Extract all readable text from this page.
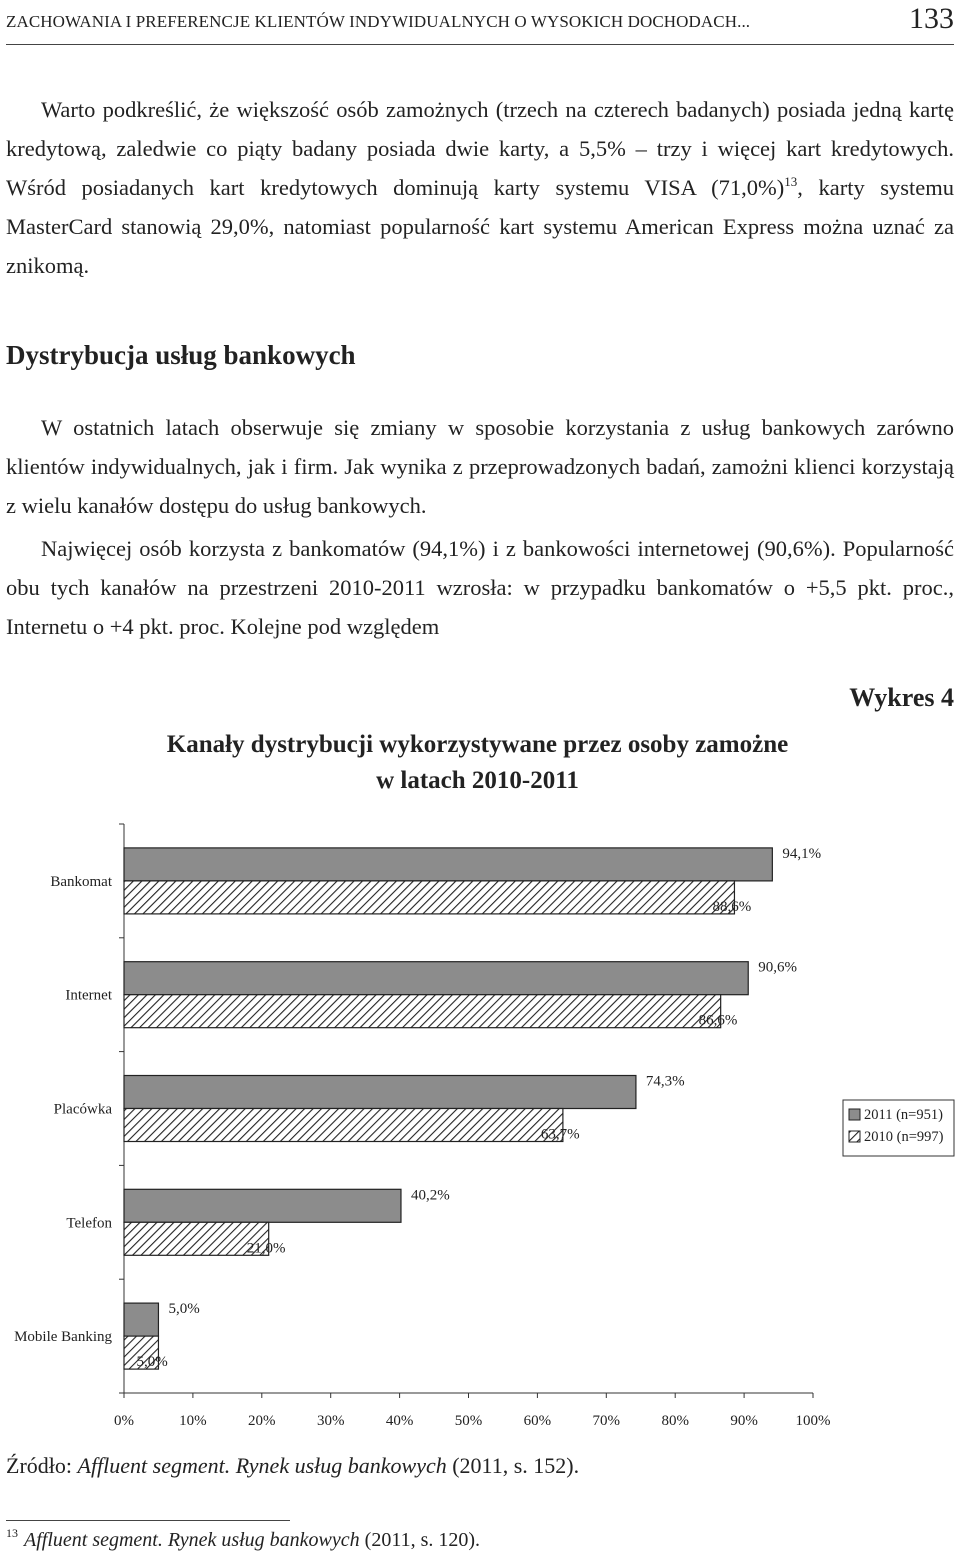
ZACHOWANIA I PREFERENCJE KLIENTÓW INDYWIDUALNYCH O WYSOKICH DOCHODACH...	133

Warto podkreślić, że większość osób zamożnych (trzech na czterech badanych) posiada jedną kartę kredytową, zaledwie co piąty badany posiada dwie karty, a 5,5% – trzy i więcej kart kredytowych. Wśród posiadanych kart kredytowych dominują karty systemu VISA $(71,0\%)^{13}$, karty systemu MasterCard stanowią 29,0%, natomiast popularność kart systemu American Express można uznać za znikomą.

Dystrybucja usług bankowych

W ostatnich latach obserwuje się zmiany w sposobie korzystania z usług bankowych zarówno klientów indywidualnych, jak i firm. Jak wynika z przeprowadzonych badań, zamożni klienci korzystają z wielu kanałów dostępu do usług bankowych.

Najwięcej osób korzysta z bankomatów (94,1%) i z bankowości internetowej (90,6%). Popularność obu tych kanałów na przestrzeni 2010-2011 wzrosła: w przypadku bankomatów o +5,5 pkt. proc., Internetu o +4 pkt. proc. Kolejne pod względem

Wykres 4
Kanały dystrybucji wykorzystywane przez osoby zamożne
w latach 2010-2011
0%	10%	20%	30%	40%	50%	60%	70%	80%	90%	100%
Bankomat
94,1%
88,6%
Internet
90,6%
86,6%
Placówka
74,3%
63,7%
Telefon
40,2%
21,0%
Mobile Banking
5,0%
5,0%
2011 (n=951)
2010 (n=997)
Źródło: Affluent segment. Rynek usług bankowych (2011, s. 152).
$^{13}$ Affluent segment. Rynek usług bankowych (2011, s. 120).
